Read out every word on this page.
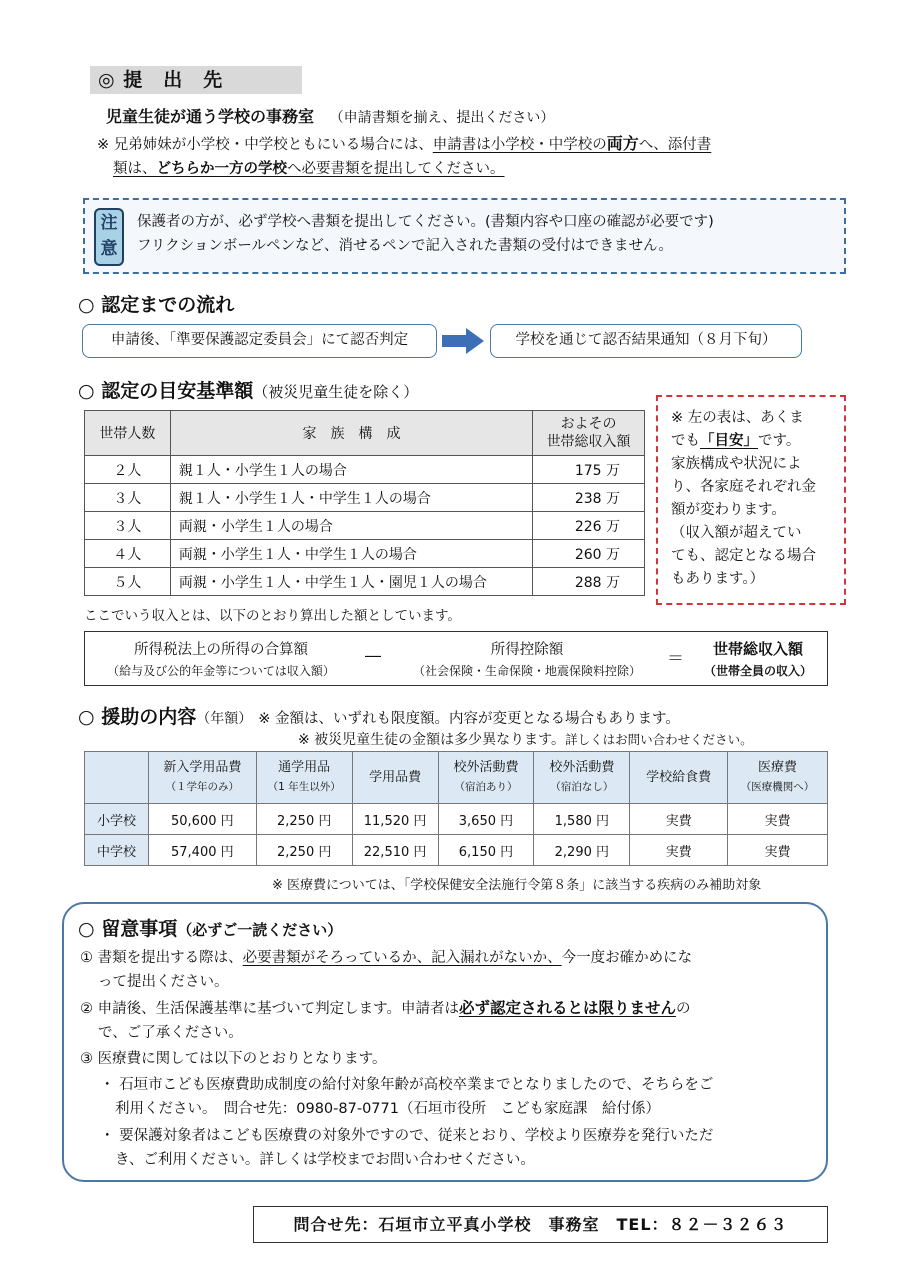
◎ 提　出　先
児童生徒が通う学校の事務室 （申請書類を揃え、提出ください）
※ 兄弟姉妹が小学校・中学校ともにいる場合には、申請書は小学校・中学校の両方へ、添付書
類は、どちらか一方の学校へ必要書類を提出してください。
注
意
保護者の方が、必ず学校へ書類を提出してください。(書類内容や口座の確認が必要です)
フリクションボールペンなど、消せるペンで記入された書類の受付はできません。
○ 認定までの流れ
申請後、「準要保護認定委員会」にて認否判定	学校を通じて認否結果通知（８月下旬）
○ 認定の目安基準額（被災児童生徒を除く）
世帯人数	家　族　構　成	およその
世帯総収入額

２人	親１人・小学生１人の場合	175 万
３人	親１人・小学生１人・中学生１人の場合	238 万
３人	両親・小学生１人の場合	226 万
４人	両親・小学生１人・中学生１人の場合	260 万
５人	両親・小学生１人・中学生１人・園児１人の場合	288 万
※ 左の表は、あくま
でも「目安」です。
家族構成や状況によ
り、各家庭それぞれ金
額が変わります。
（収入額が超えてい
ても、認定となる場合
もあります。）
ここでいう収入とは、以下のとおり算出した額としています。
所得税法上の所得の合算額
（給与及び公的年金等については収入額）
―	所得控除額
（社会保険・生命保険・地震保険料控除）
＝	世帯総収入額
（世帯全員の収入）
○ 援助の内容（年額） ※ 金額は、いずれも限度額。内容が変更となる場合もあります。
※ 被災児童生徒の金額は多少異なります。詳しくはお問い合わせください。

	新入学用品費
（１学年のみ）	通学用品
（1 年生以外）	学用品費	校外活動費
（宿泊あり）	校外活動費
（宿泊なし）	学校給食費	医療費
（医療機関へ）
小学校	50,600 円	2,250 円	11,520 円	3,650 円	1,580 円	実費	実費
中学校	57,400 円	2,250 円	22,510 円	6,150 円	2,290 円	実費	実費
※ 医療費については、「学校保健安全法施行令第８条」に該当する疾病のみ補助対象
○ 留意事項（必ずご一読ください）
① 書類を提出する際は、必要書類がそろっているか、記入漏れがないか、今一度お確かめにな
って提出ください。
② 申請後、生活保護基準に基づいて判定します。申請者は必ず認定されるとは限りませんの
で、ご了承ください。
③ 医療費に関しては以下のとおりとなります。
・ 石垣市こども医療費助成制度の給付対象年齢が高校卒業までとなりましたので、そちらをご
利用ください。　問合せ先：0980-87-0771（石垣市役所　こども家庭課　給付係）
・ 要保護対象者はこども医療費の対象外ですので、従来とおり、学校より医療券を発行いただ
き、ご利用ください。詳しくは学校までお問い合わせください。
問合せ先：石垣市立平真小学校　事務室　TEL：８２－３２６３
